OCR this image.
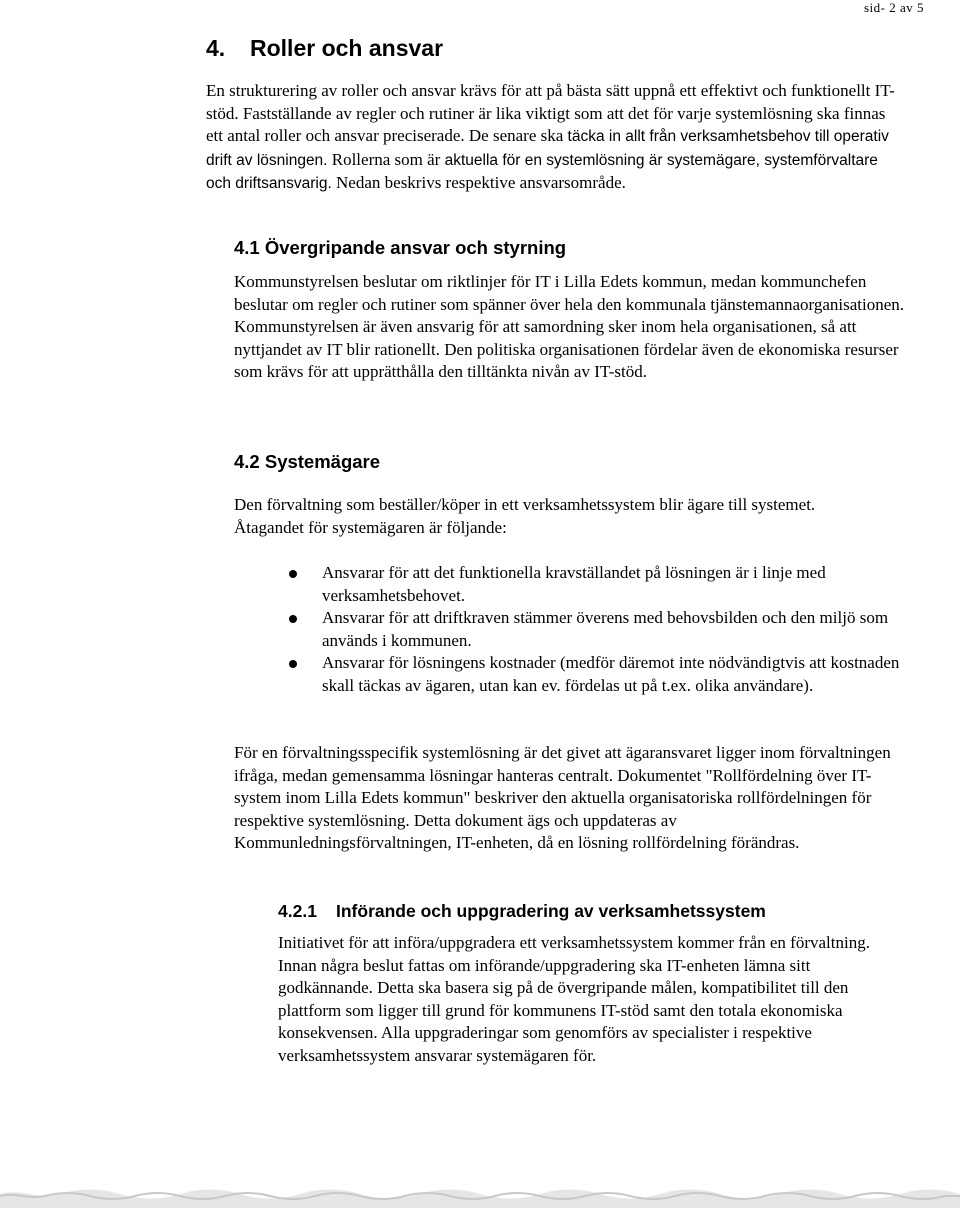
sid- 2 av 5
4. Roller och ansvar

En strukturering av roller och ansvar krävs för att på bästa sätt uppnå ett effektivt och funktionellt IT-stöd. Fastställande av regler och rutiner är lika viktigt som att det för varje systemlösning ska finnas ett antal roller och ansvar preciserade. De senare ska täcka in allt från verksamhetsbehov till operativ drift av lösningen. Rollerna som är aktuella för en systemlösning är systemägare, systemförvaltare och driftsansvarig. Nedan beskrivs respektive ansvarsområde.

4.1 Övergripande ansvar och styrning

Kommunstyrelsen beslutar om riktlinjer för IT i Lilla Edets kommun, medan kommunchefen beslutar om regler och rutiner som spänner över hela den kommunala tjänstemannaorganisationen. Kommunstyrelsen är även ansvarig för att samordning sker inom hela organisationen, så att nyttjandet av IT blir rationellt. Den politiska organisationen fördelar även de ekonomiska resurser som krävs för att upprätthålla den tilltänkta nivån av IT-stöd.

4.2 Systemägare

Den förvaltning som beställer/köper in ett verksamhetssystem blir ägare till systemet. Åtagandet för systemägaren är följande:

Ansvarar för att det funktionella kravställandet på lösningen är i linje med verksamhetsbehovet.
Ansvarar för att driftkraven stämmer överens med behovsbilden och den miljö som används i kommunen.
Ansvarar för lösningens kostnader (medför däremot inte nödvändigtvis att kostnaden skall täckas av ägaren, utan kan ev. fördelas ut på t.ex. olika användare).

För en förvaltningsspecifik systemlösning är det givet att ägaransvaret ligger inom förvaltningen ifråga, medan gemensamma lösningar hanteras centralt. Dokumentet "Rollfördelning över IT-system inom Lilla Edets kommun" beskriver den aktuella organisatoriska rollfördelningen för respektive systemlösning. Detta dokument ägs och uppdateras av Kommunledningsförvaltningen, IT-enheten, då en lösning rollfördelning förändras.

4.2.1 Införande och uppgradering av verksamhetssystem

Initiativet för att införa/uppgradera ett verksamhetssystem kommer från en förvaltning. Innan några beslut fattas om införande/uppgradering ska IT-enheten lämna sitt godkännande. Detta ska basera sig på de övergripande målen, kompatibilitet till den plattform som ligger till grund för kommunens IT-stöd samt den totala ekonomiska konsekvensen. Alla uppgraderingar som genomförs av specialister i respektive verksamhetssystem ansvarar systemägaren för.
